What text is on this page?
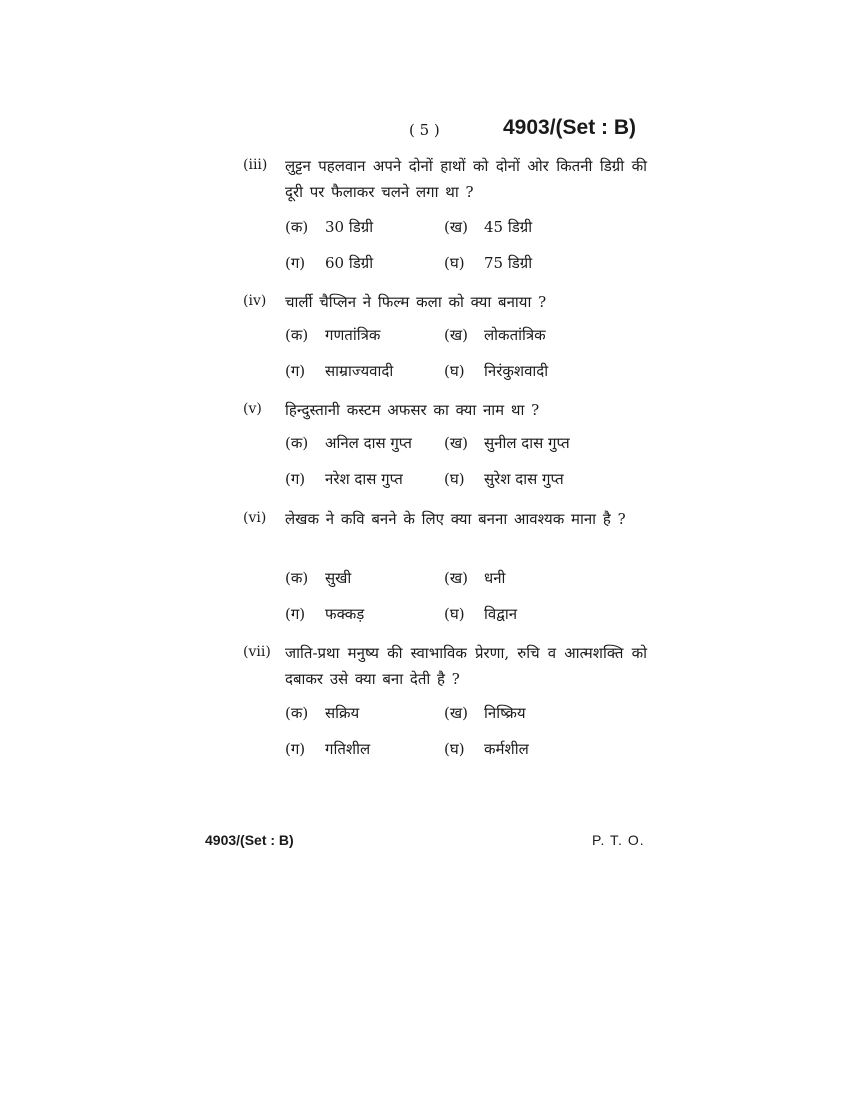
( 5 )	4903/(Set : B)
(iii) लुट्टन पहलवान अपने दोनों हाथों को दोनों ओर कितनी डिग्री की दूरी पर फैलाकर चलने लगा था ?
(क) 30 डिग्री	(ख) 45 डिग्री
(ग) 60 डिग्री	(घ) 75 डिग्री
(iv) चार्ली चैप्लिन ने फिल्म कला को क्या बनाया ?
(क) गणतांत्रिक	(ख) लोकतांत्रिक
(ग) साम्राज्यवादी	(घ) निरंकुशवादी
(v) हिन्दुस्तानी कस्टम अफसर का क्या नाम था ?
(क) अनिल दास गुप्त (ख) सुनील दास गुप्त
(ग) नरेश दास गुप्त	(घ) सुरेश दास गुप्त
(vi) लेखक ने कवि बनने के लिए क्या बनना आवश्यक माना है ?
(क) सुखी	(ख) धनी
(ग) फक्कड़	(घ) विद्वान
(vii) जाति-प्रथा मनुष्य की स्वाभाविक प्रेरणा, रुचि व आत्मशक्ति को दबाकर उसे क्या बना देती है ?
(क) सक्रिय	(ख) निष्क्रिय
(ग) गतिशील	(घ) कर्मशील
4903/(Set : B)	P. T. O.
